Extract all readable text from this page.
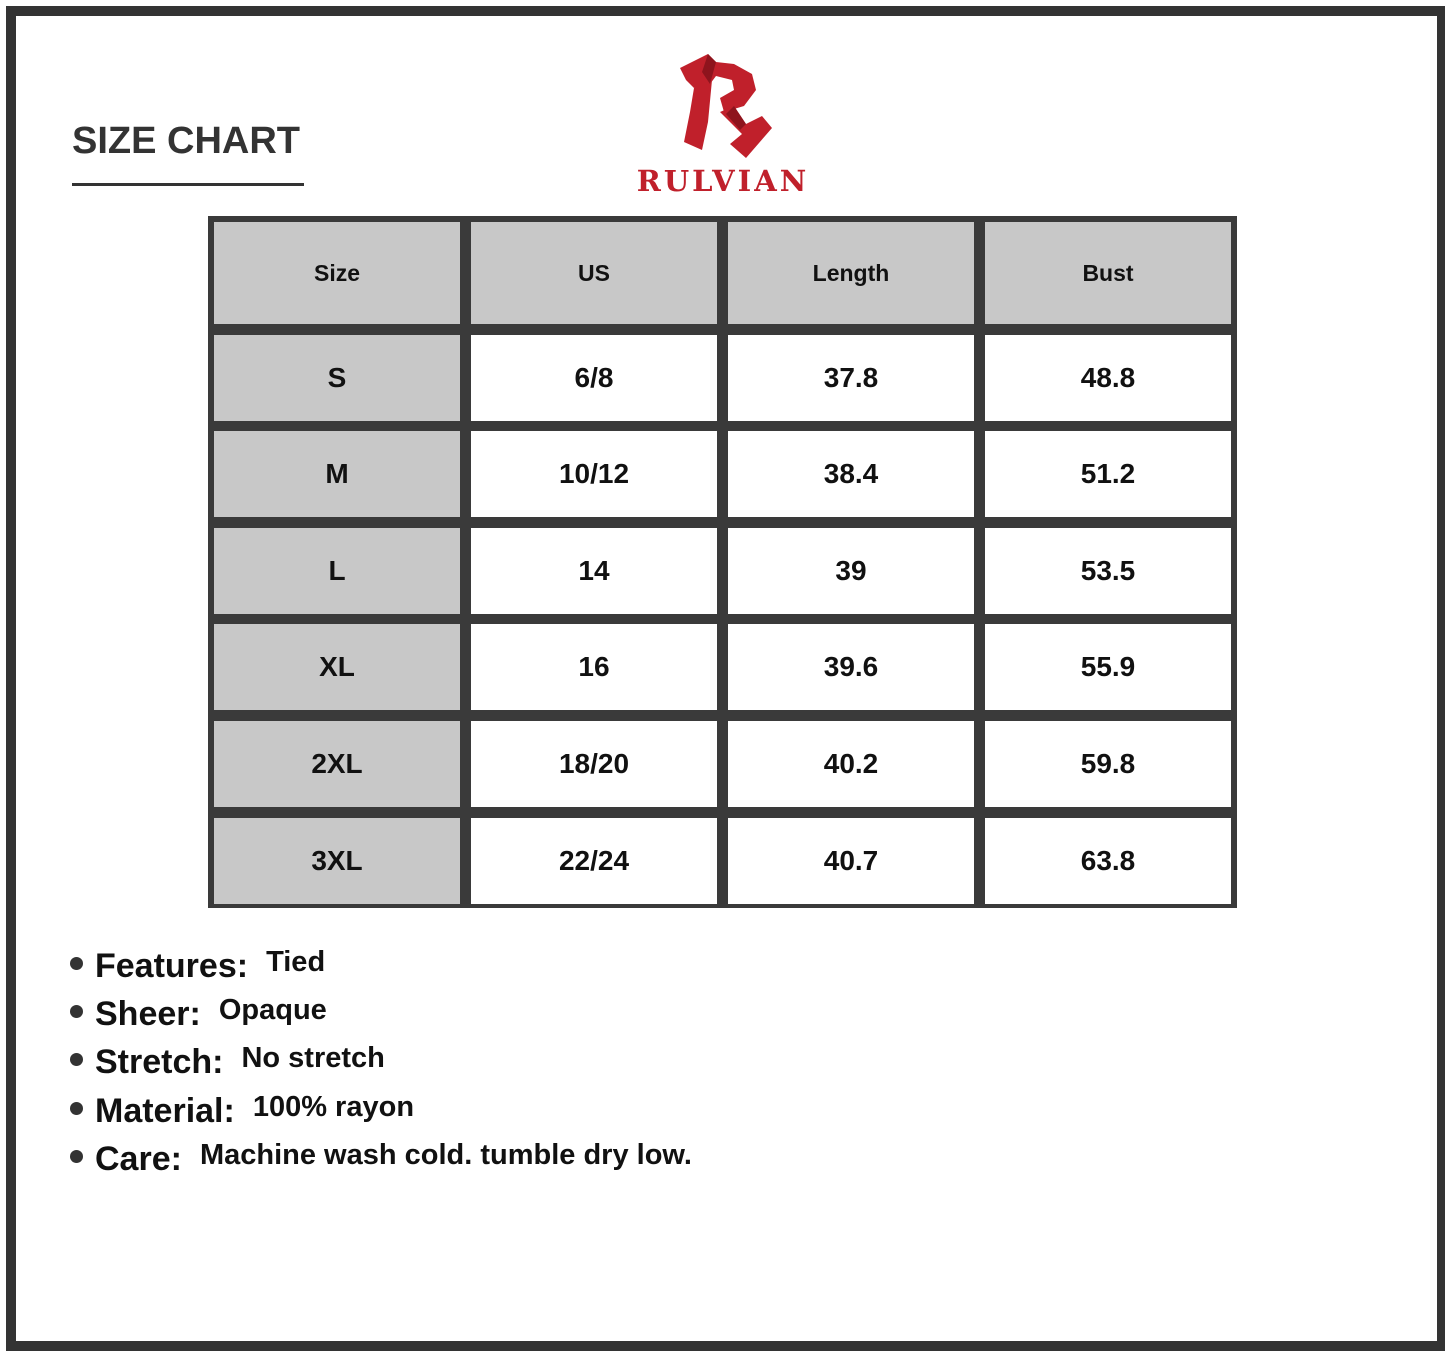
SIZE CHART
RULVIAN
Size	US	Length	Bust
S	6/8	37.8	48.8
M	10/12	38.4	51.2
L	14	39	53.5
XL	16	39.6	55.9
2XL	18/20	40.2	59.8
3XL	22/24	40.7	63.8
Features: Tied
Sheer: Opaque
Stretch: No stretch
Material: 100% rayon
Care: Machine wash cold. tumble dry low.
